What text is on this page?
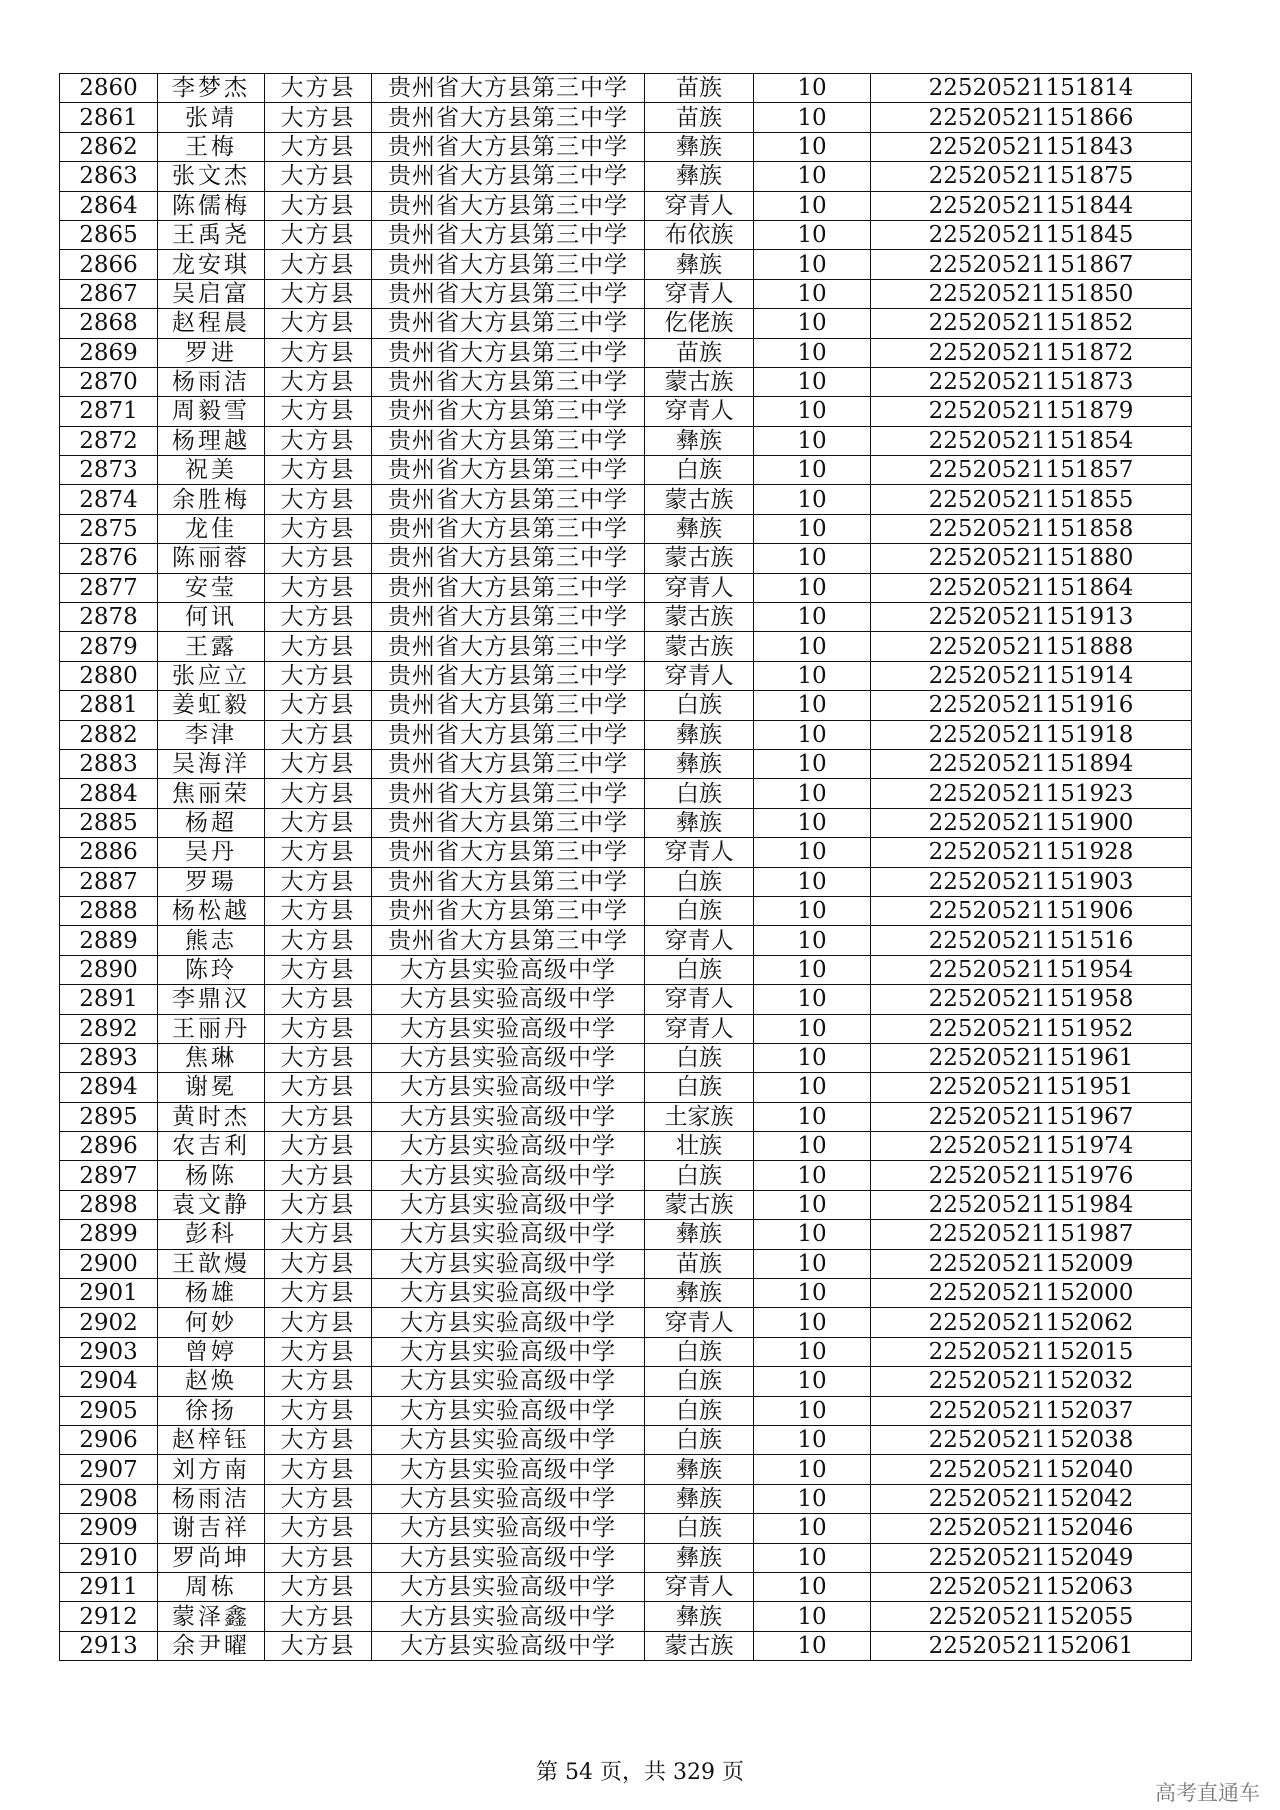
2860	李梦杰	大方县	贵州省大方县第三中学	苗族	10	22520521151814
2861	张靖	大方县	贵州省大方县第三中学	苗族	10	22520521151866
2862	王梅	大方县	贵州省大方县第三中学	彝族	10	22520521151843
2863	张文杰	大方县	贵州省大方县第三中学	彝族	10	22520521151875
2864	陈儒梅	大方县	贵州省大方县第三中学	穿青人	10	22520521151844
2865	王禹尧	大方县	贵州省大方县第三中学	布依族	10	22520521151845
2866	龙安琪	大方县	贵州省大方县第三中学	彝族	10	22520521151867
2867	吴启富	大方县	贵州省大方县第三中学	穿青人	10	22520521151850
2868	赵程晨	大方县	贵州省大方县第三中学	仡佬族	10	22520521151852
2869	罗进	大方县	贵州省大方县第三中学	苗族	10	22520521151872
2870	杨雨洁	大方县	贵州省大方县第三中学	蒙古族	10	22520521151873
2871	周毅雪	大方县	贵州省大方县第三中学	穿青人	10	22520521151879
2872	杨理越	大方县	贵州省大方县第三中学	彝族	10	22520521151854
2873	祝美	大方县	贵州省大方县第三中学	白族	10	22520521151857
2874	余胜梅	大方县	贵州省大方县第三中学	蒙古族	10	22520521151855
2875	龙佳	大方县	贵州省大方县第三中学	彝族	10	22520521151858
2876	陈丽蓉	大方县	贵州省大方县第三中学	蒙古族	10	22520521151880
2877	安莹	大方县	贵州省大方县第三中学	穿青人	10	22520521151864
2878	何讯	大方县	贵州省大方县第三中学	蒙古族	10	22520521151913
2879	王露	大方县	贵州省大方县第三中学	蒙古族	10	22520521151888
2880	张应立	大方县	贵州省大方县第三中学	穿青人	10	22520521151914
2881	姜虹毅	大方县	贵州省大方县第三中学	白族	10	22520521151916
2882	李津	大方县	贵州省大方县第三中学	彝族	10	22520521151918
2883	吴海洋	大方县	贵州省大方县第三中学	彝族	10	22520521151894
2884	焦丽荣	大方县	贵州省大方县第三中学	白族	10	22520521151923
2885	杨超	大方县	贵州省大方县第三中学	彝族	10	22520521151900
2886	吴丹	大方县	贵州省大方县第三中学	穿青人	10	22520521151928
2887	罗瑒	大方县	贵州省大方县第三中学	白族	10	22520521151903
2888	杨松越	大方县	贵州省大方县第三中学	白族	10	22520521151906
2889	熊志	大方县	贵州省大方县第三中学	穿青人	10	22520521151516
2890	陈玲	大方县	大方县实验高级中学	白族	10	22520521151954
2891	李鼎汉	大方县	大方县实验高级中学	穿青人	10	22520521151958
2892	王丽丹	大方县	大方县实验高级中学	穿青人	10	22520521151952
2893	焦琳	大方县	大方县实验高级中学	白族	10	22520521151961
2894	谢冕	大方县	大方县实验高级中学	白族	10	22520521151951
2895	黄时杰	大方县	大方县实验高级中学	土家族	10	22520521151967
2896	农吉利	大方县	大方县实验高级中学	壮族	10	22520521151974
2897	杨陈	大方县	大方县实验高级中学	白族	10	22520521151976
2898	袁文静	大方县	大方县实验高级中学	蒙古族	10	22520521151984
2899	彭科	大方县	大方县实验高级中学	彝族	10	22520521151987
2900	王歆熳	大方县	大方县实验高级中学	苗族	10	22520521152009
2901	杨雄	大方县	大方县实验高级中学	彝族	10	22520521152000
2902	何妙	大方县	大方县实验高级中学	穿青人	10	22520521152062
2903	曾婷	大方县	大方县实验高级中学	白族	10	22520521152015
2904	赵焕	大方县	大方县实验高级中学	白族	10	22520521152032
2905	徐扬	大方县	大方县实验高级中学	白族	10	22520521152037
2906	赵梓钰	大方县	大方县实验高级中学	白族	10	22520521152038
2907	刘方南	大方县	大方县实验高级中学	彝族	10	22520521152040
2908	杨雨洁	大方县	大方县实验高级中学	彝族	10	22520521152042
2909	谢吉祥	大方县	大方县实验高级中学	白族	10	22520521152046
2910	罗尚坤	大方县	大方县实验高级中学	彝族	10	22520521152049
2911	周栋	大方县	大方县实验高级中学	穿青人	10	22520521152063
2912	蒙泽鑫	大方县	大方县实验高级中学	彝族	10	22520521152055
2913	余尹曜	大方县	大方县实验高级中学	蒙古族	10	22520521152061
第 54 页，共 329 页
高考直通车
